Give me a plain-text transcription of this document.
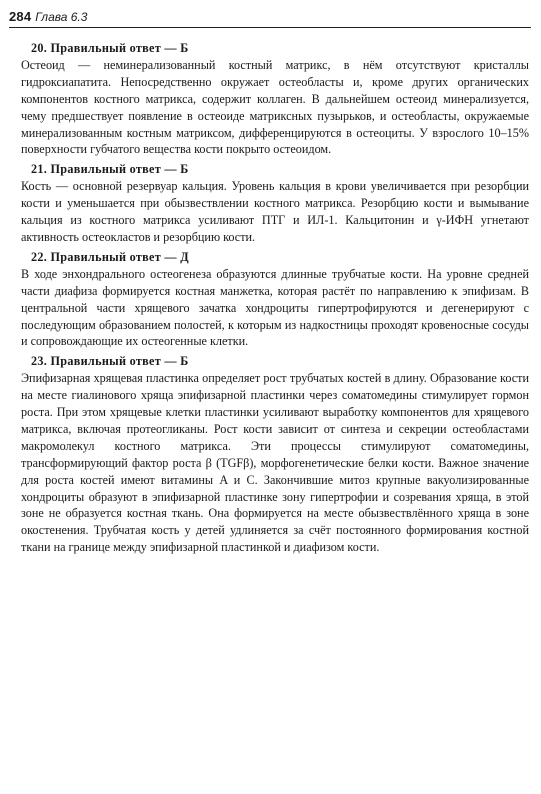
284 Глава 6.3
20. Правильный ответ — Б

Остеоид — неминерализованный костный матрикс, в нём отсутствуют кристаллы гидроксиапатита. Непосредственно окружает остеобласты и, кроме других органических компонентов костного матрикса, содержит коллаген. В дальнейшем остеоид минерализуется, чему предшествует появление в остеоиде матриксных пузырьков, и остеобласты, окружаемые минерализованным костным матриксом, дифференцируются в остеоциты. У взрослого 10–15% поверхности губчатого вещества кости покрыто остеоидом.

21. Правильный ответ — Б

Кость — основной резервуар кальция. Уровень кальция в крови увеличивается при резорбции кости и уменьшается при обызвествлении костного матрикса. Резорбцию кости и вымывание кальция из костного матрикса усиливают ПТГ и ИЛ-1. Кальцитонин и γ-ИФН угнетают активность остеокластов и резорбцию кости.

22. Правильный ответ — Д

В ходе энхондрального остеогенеза образуются длинные трубчатые кости. На уровне средней части диафиза формируется костная манжетка, которая растёт по направлению к эпифизам. В центральной части хрящевого зачатка хондроциты гипертрофируются и дегенерируют с последующим образованием полостей, к которым из надкостницы проходят кровеносные сосуды и сопровождающие их остеогенные клетки.

23. Правильный ответ — Б

Эпифизарная хрящевая пластинка определяет рост трубчатых костей в длину. Образование кости на месте гиалинового хряща эпифизарной пластинки через соматомедины стимулирует гормон роста. При этом хрящевые клетки пластинки усиливают выработку компонентов для хрящевого матрикса, включая протеогликаны. Рост кости зависит от синтеза и секреции остеобластами макромолекул костного матрикса. Эти процессы стимулируют соматомедины, трансформирующий фактор роста β (TGFβ), морфогенетические белки кости. Важное значение для роста костей имеют витамины A и C. Закончившие митоз крупные вакуолизированные хондроциты образуют в эпифизарной пластинке зону гипертрофии и созревания хряща, в этой зоне не образуется костная ткань. Она формируется на месте обызвествлённого хряща в зоне окостенения. Трубчатая кость у детей удлиняется за счёт постоянного формирования костной ткани на границе между эпифизарной пластинкой и диафизом кости.
